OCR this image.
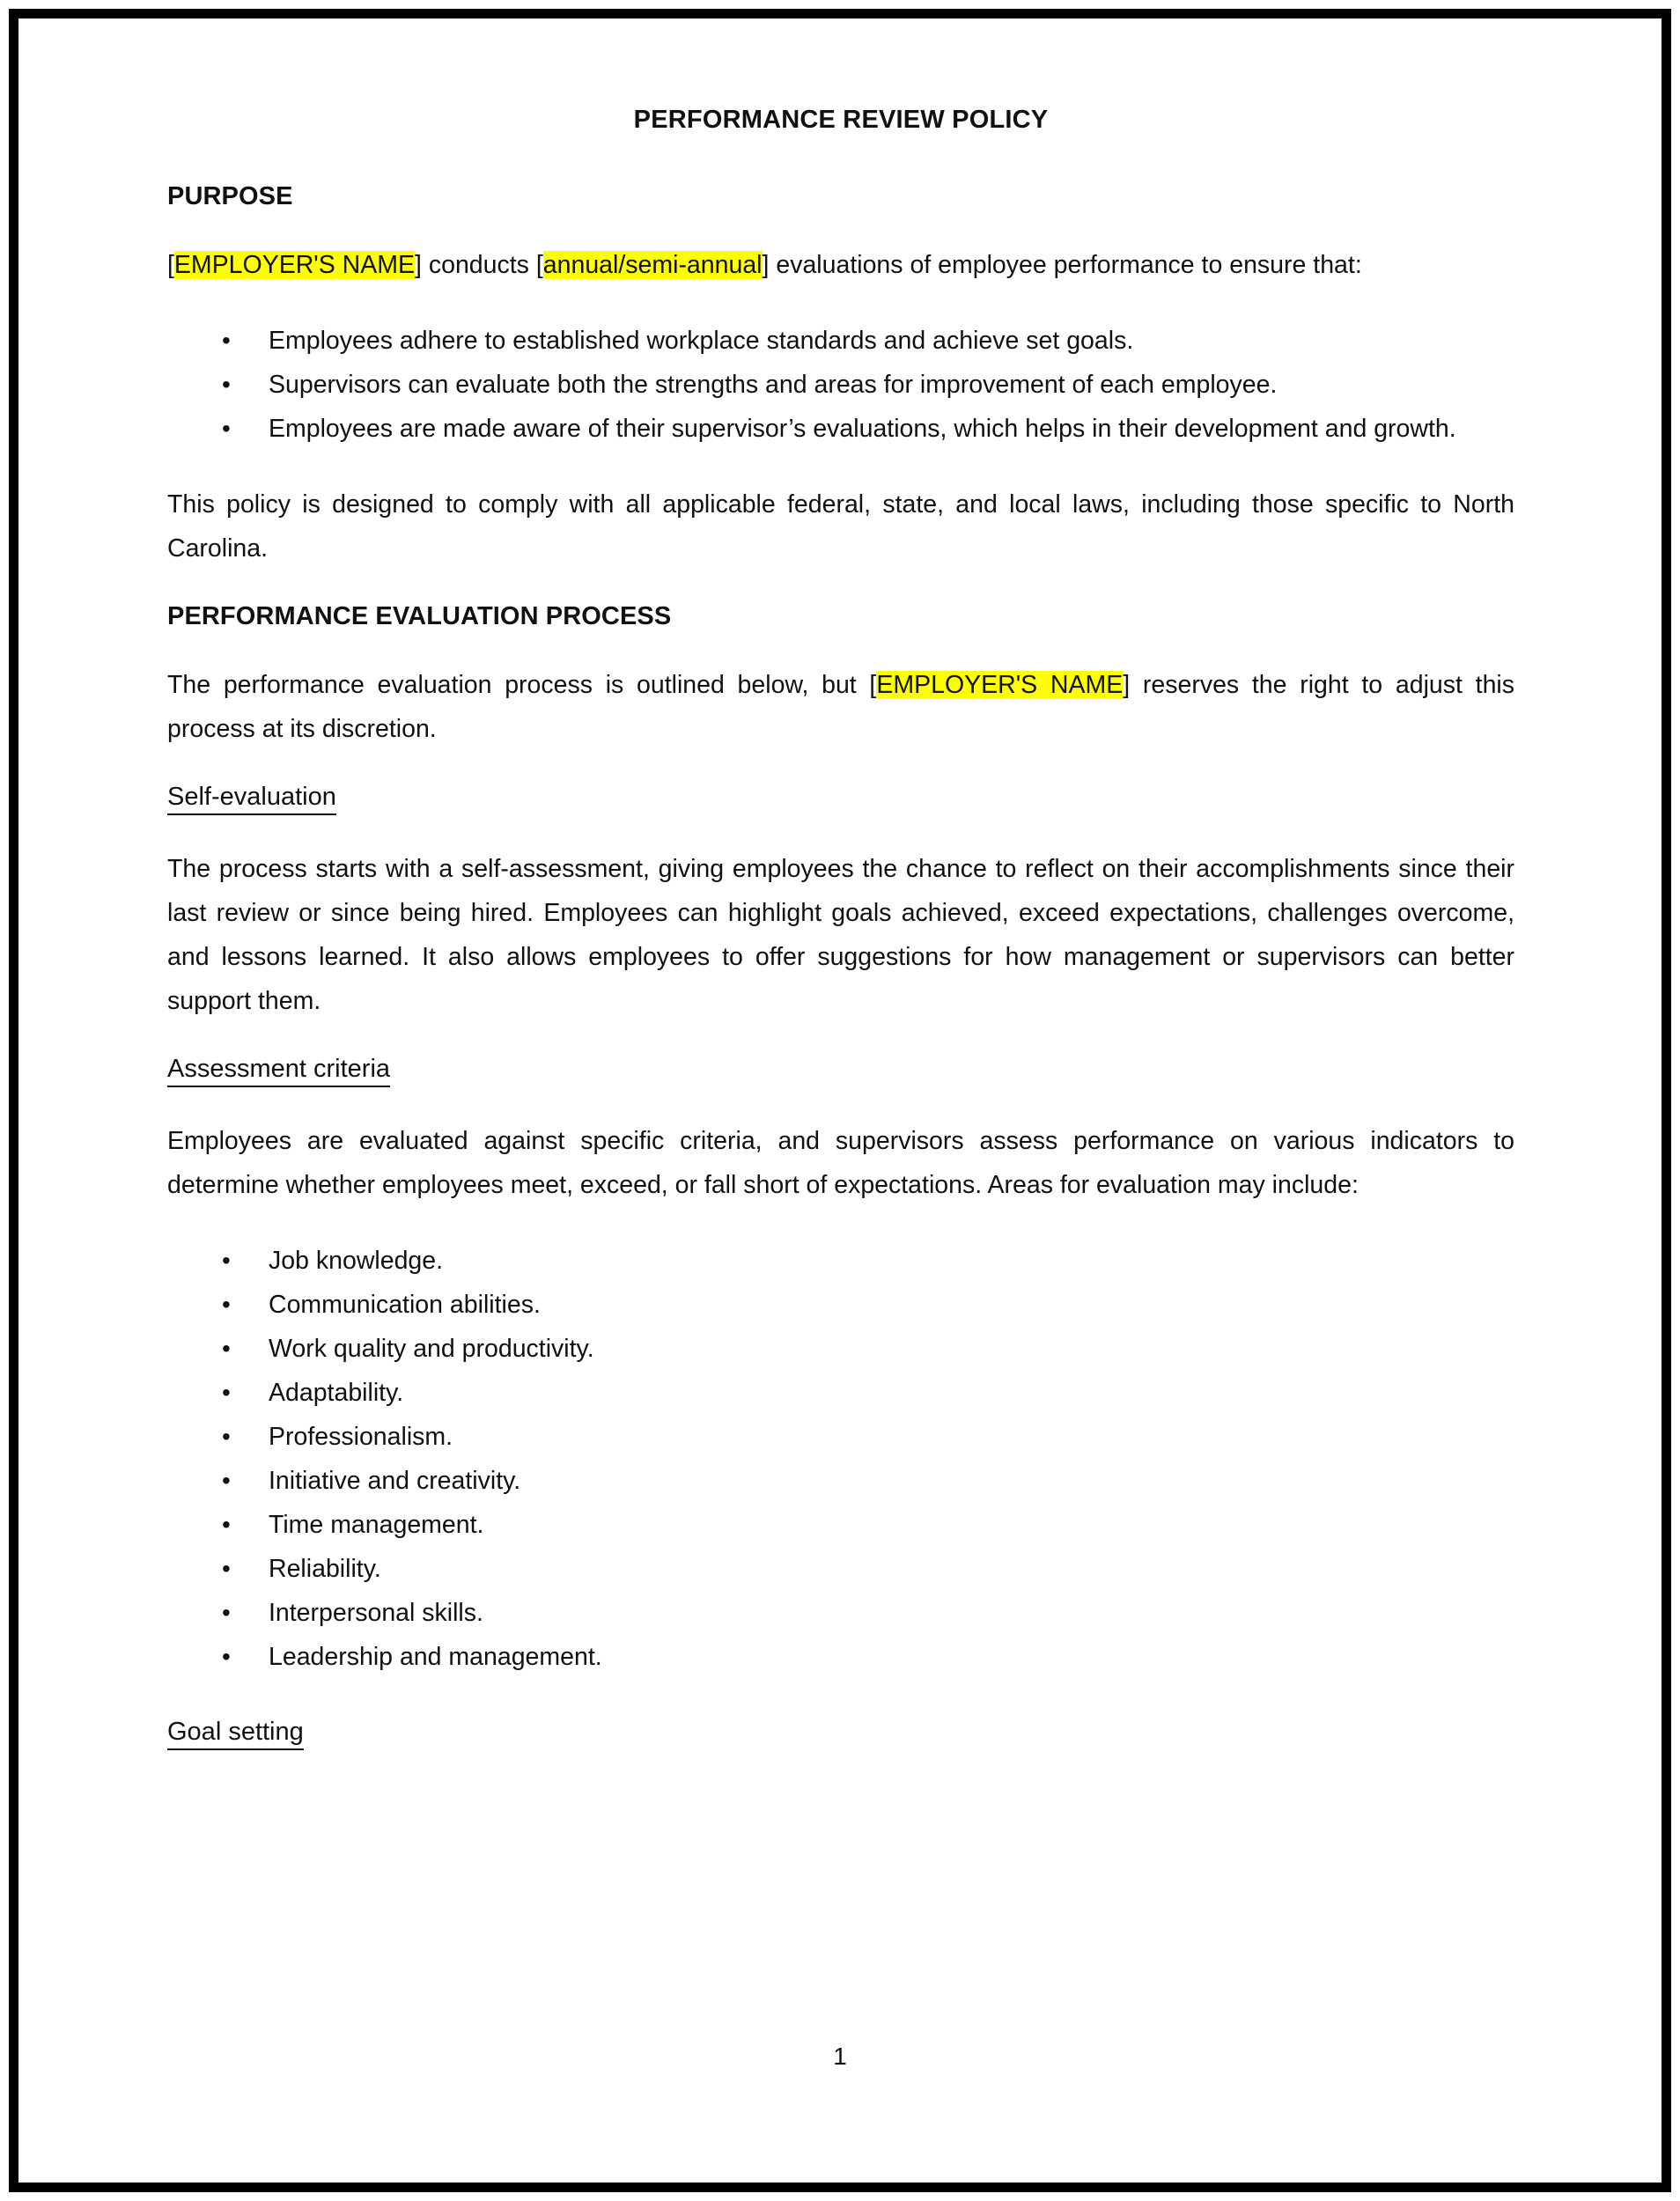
PERFORMANCE REVIEW POLICY
PURPOSE

[EMPLOYER'S NAME] conducts [annual/semi-annual] evaluations of employee performance to ensure that:

• Employees adhere to established workplace standards and achieve set goals.
• Supervisors can evaluate both the strengths and areas for improvement of each employee.
• Employees are made aware of their supervisor’s evaluations, which helps in their development and growth.

This policy is designed to comply with all applicable federal, state, and local laws, including those specific to North Carolina.

PERFORMANCE EVALUATION PROCESS

The performance evaluation process is outlined below, but [EMPLOYER'S NAME] reserves the right to adjust this process at its discretion.

Self-evaluation

The process starts with a self-assessment, giving employees the chance to reflect on their accomplishments since their last review or since being hired. Employees can highlight goals achieved, exceed expectations, challenges overcome, and lessons learned. It also allows employees to offer suggestions for how management or supervisors can better support them.

Assessment criteria

Employees are evaluated against specific criteria, and supervisors assess performance on various indicators to determine whether employees meet, exceed, or fall short of expectations. Areas for evaluation may include:

• Job knowledge.
• Communication abilities.
• Work quality and productivity.
• Adaptability.
• Professionalism.
• Initiative and creativity.
• Time management.
• Reliability.
• Interpersonal skills.
• Leadership and management.
Goal setting
1
